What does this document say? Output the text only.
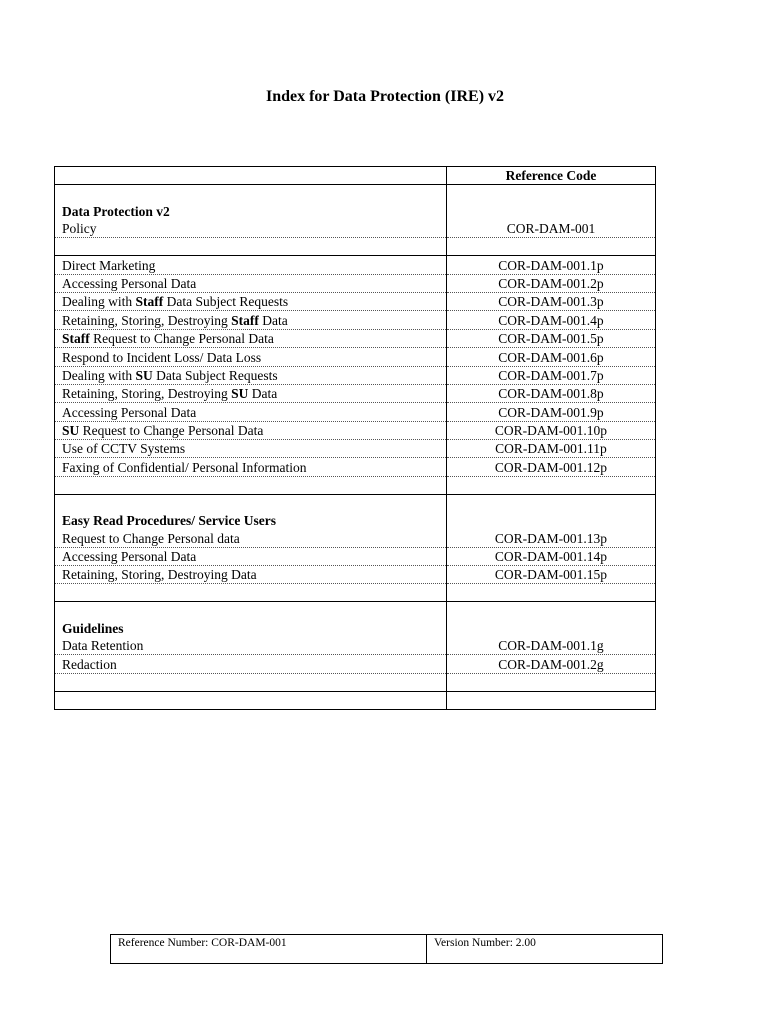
Index for Data Protection (IRE) v2
	Reference Code

Data Protection v2	
Policy	COR-DAM-001

Direct Marketing	COR-DAM-001.1p
Accessing Personal Data	COR-DAM-001.2p
Dealing with Staff Data Subject Requests	COR-DAM-001.3p
Retaining, Storing, Destroying Staff Data	COR-DAM-001.4p
Staff Request to Change Personal Data	COR-DAM-001.5p
Respond to Incident Loss/ Data Loss	COR-DAM-001.6p
Dealing with SU Data Subject Requests	COR-DAM-001.7p
Retaining, Storing, Destroying SU Data	COR-DAM-001.8p
Accessing Personal Data	COR-DAM-001.9p
SU Request to Change Personal Data	COR-DAM-001.10p
Use of CCTV Systems	COR-DAM-001.11p
Faxing of Confidential/ Personal Information	COR-DAM-001.12p

Easy Read Procedures/ Service Users	
Request to Change Personal data	COR-DAM-001.13p
Accessing Personal Data	COR-DAM-001.14p
Retaining, Storing, Destroying Data	COR-DAM-001.15p

Guidelines	
Data Retention	COR-DAM-001.1g
Redaction	COR-DAM-001.2g

Reference Number: COR-DAM-001	Version Number: 2.00
